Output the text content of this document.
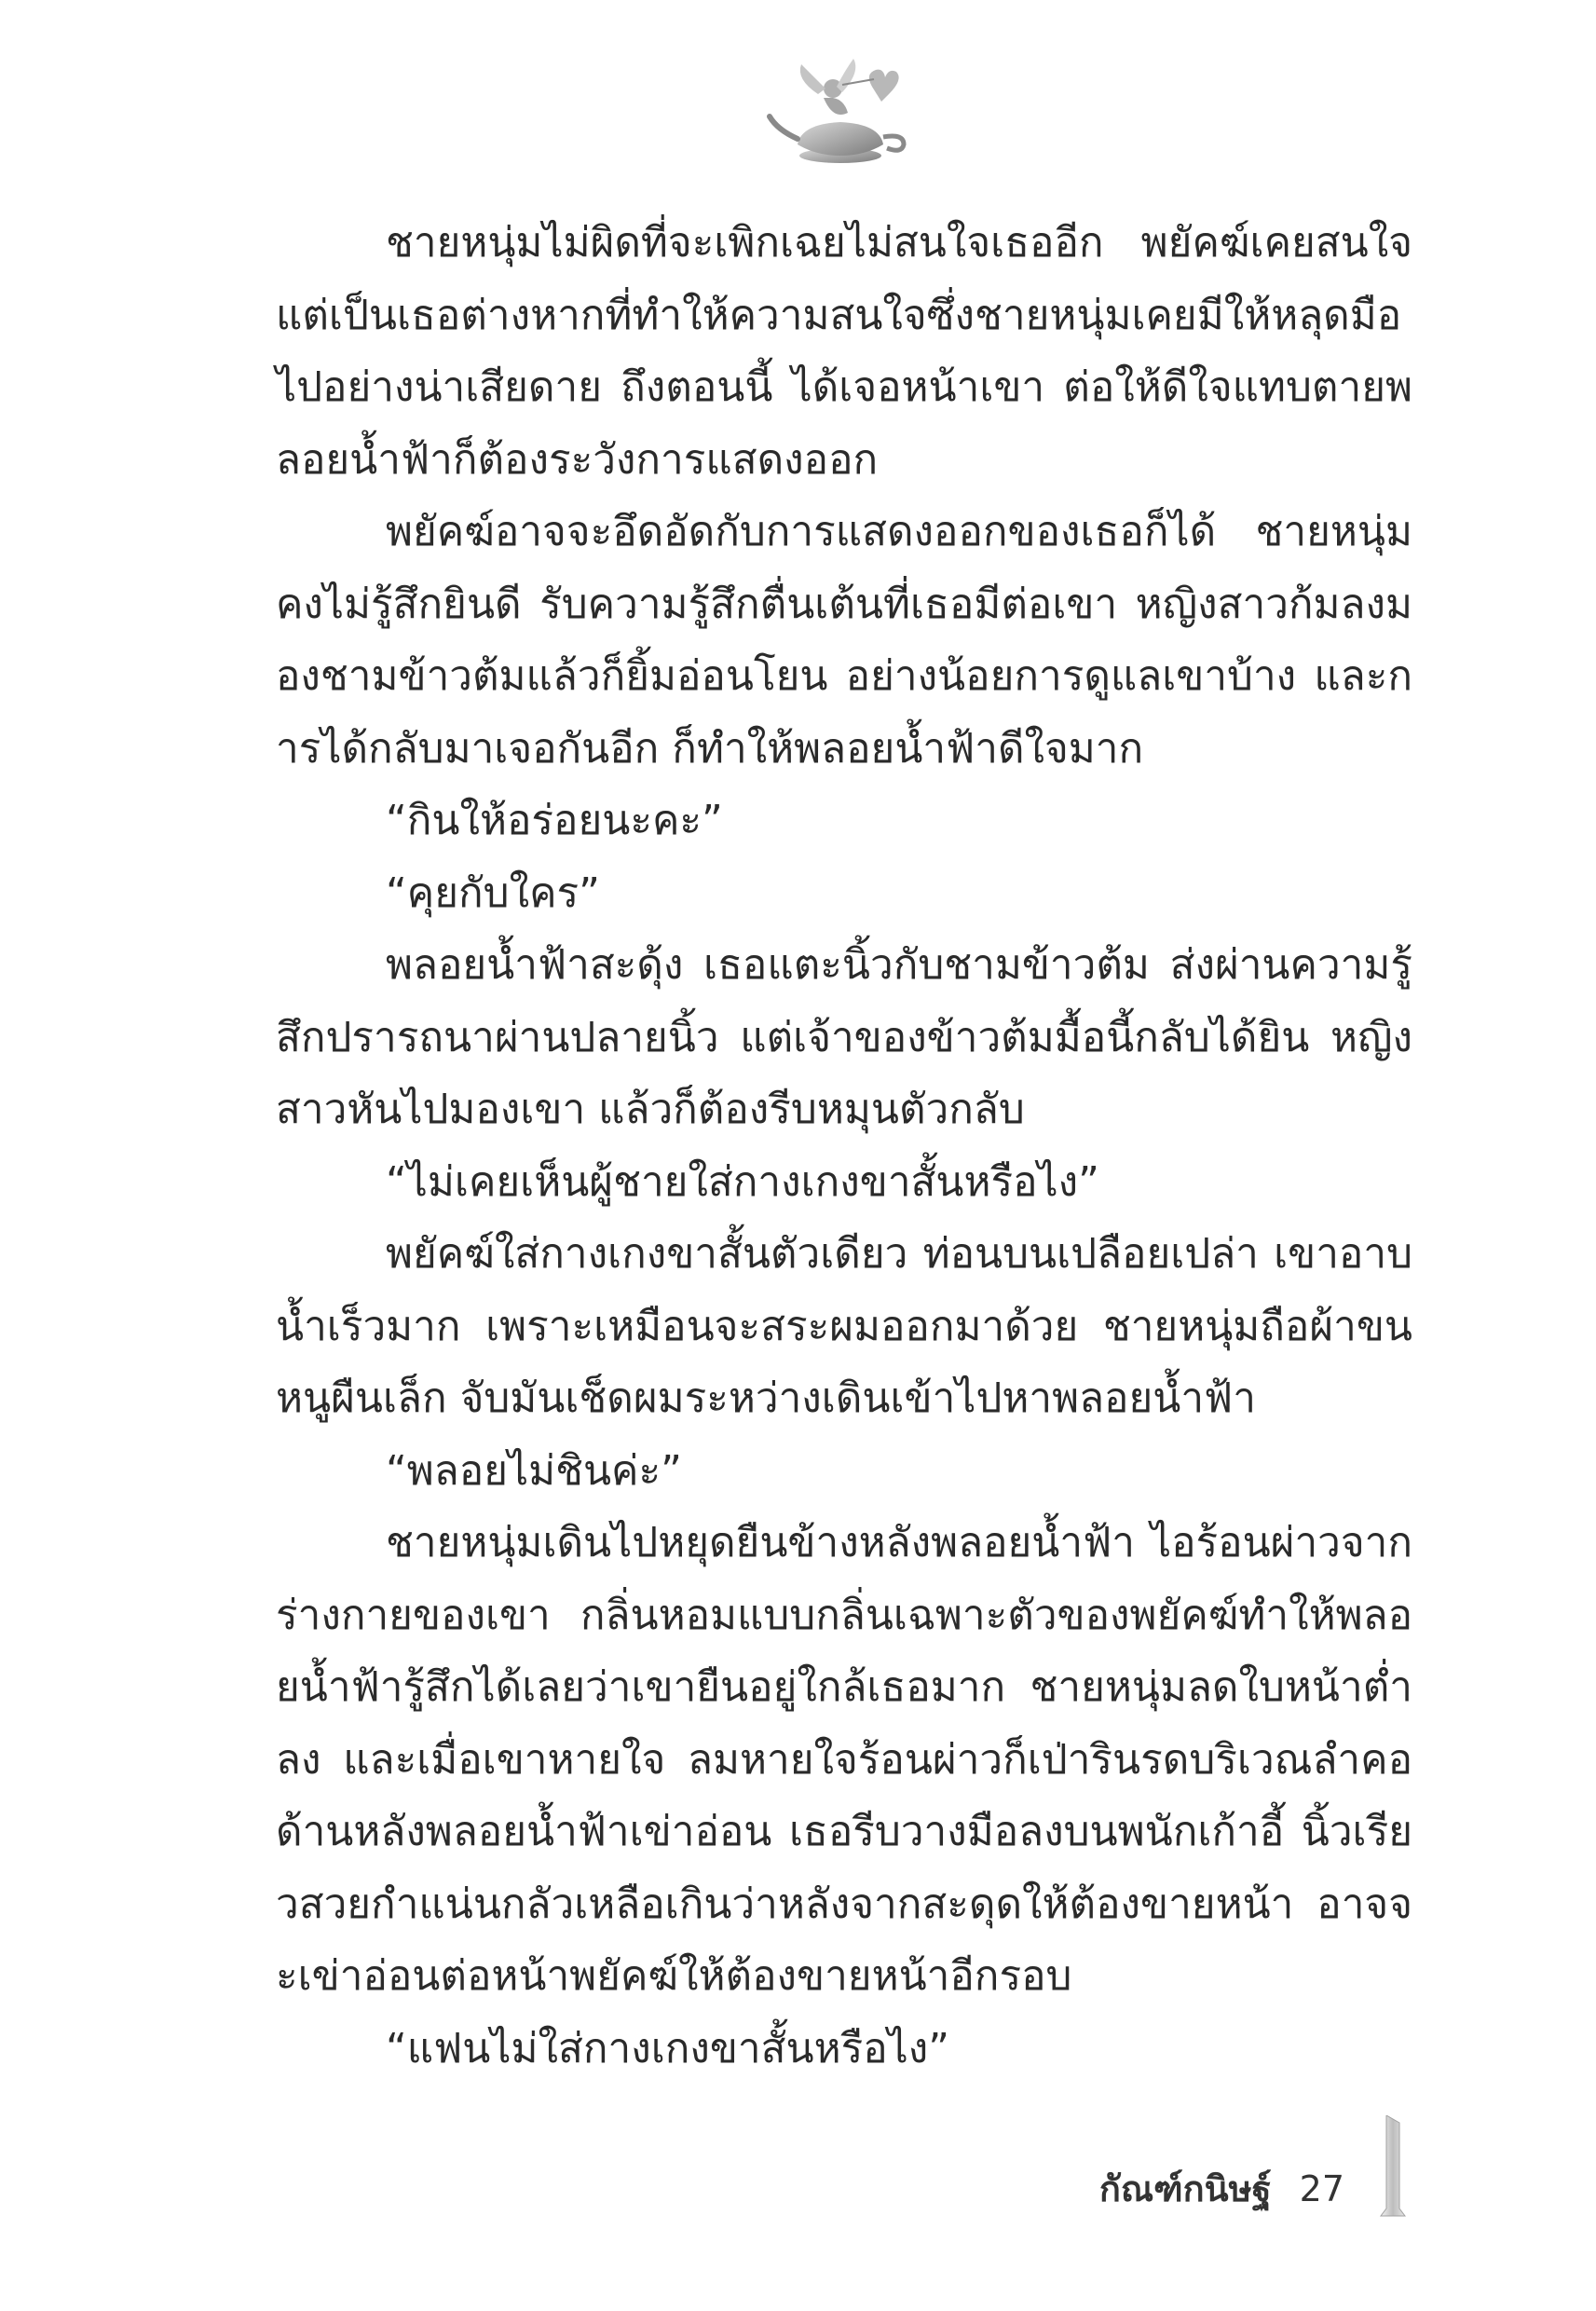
ชายหนุ่มไม่ผิดที่จะเพิกเฉยไม่สนใจเธออีก พยัคฆ์เคยสนใจแต่เป็นเธอต่างหากที่ทำให้ความสนใจซึ่งชายหนุ่มเคยมีให้หลุดมือไปอย่างน่าเสียดาย ถึงตอนนี้ ได้เจอหน้าเขา ต่อให้ดีใจแทบตายพลอยน้ำฟ้าก็ต้องระวังการแสดงออก

พยัคฆ์อาจจะอึดอัดกับการแสดงออกของเธอก็ได้ ชายหนุ่มคงไม่รู้สึกยินดี รับความรู้สึกตื่นเต้นที่เธอมีต่อเขา หญิงสาวก้มลงมองชามข้าวต้มแล้วก็ยิ้มอ่อนโยน อย่างน้อยการดูแลเขาบ้าง และการได้กลับมาเจอกันอีก ก็ทำให้พลอยน้ำฟ้าดีใจมาก

“กินให้อร่อยนะคะ”

“คุยกับใคร”

พลอยน้ำฟ้าสะดุ้ง เธอแตะนิ้วกับชามข้าวต้ม ส่งผ่านความรู้สึกปรารถนาผ่านปลายนิ้ว แต่เจ้าของข้าวต้มมื้อนี้กลับได้ยิน หญิงสาวหันไปมองเขา แล้วก็ต้องรีบหมุนตัวกลับ

“ไม่เคยเห็นผู้ชายใส่กางเกงขาสั้นหรือไง”

พยัคฆ์ใส่กางเกงขาสั้นตัวเดียว ท่อนบนเปลือยเปล่า เขาอาบน้ำเร็วมาก เพราะเหมือนจะสระผมออกมาด้วย ชายหนุ่มถือผ้าขนหนูผืนเล็ก จับมันเช็ดผมระหว่างเดินเข้าไปหาพลอยน้ำฟ้า

“พลอยไม่ชินค่ะ”

ชายหนุ่มเดินไปหยุดยืนข้างหลังพลอยน้ำฟ้า ไอร้อนผ่าวจากร่างกายของเขา กลิ่นหอมแบบกลิ่นเฉพาะตัวของพยัคฆ์ทำให้พลอยน้ำฟ้ารู้สึกได้เลยว่าเขายืนอยู่ใกล้เธอมาก ชายหนุ่มลดใบหน้าต่ำลง และเมื่อเขาหายใจ ลมหายใจร้อนผ่าวก็เป่ารินรดบริเวณลำคอด้านหลังพลอยน้ำฟ้าเข่าอ่อน เธอรีบวางมือลงบนพนักเก้าอี้ นิ้วเรียวสวยกำแน่นกลัวเหลือเกินว่าหลังจากสะดุดให้ต้องขายหน้า อาจจะเข่าอ่อนต่อหน้าพยัคฆ์ให้ต้องขายหน้าอีกรอบ

“แฟนไม่ใส่กางเกงขาสั้นหรือไง”

กัณฑ์กนิษฐ์ 27
